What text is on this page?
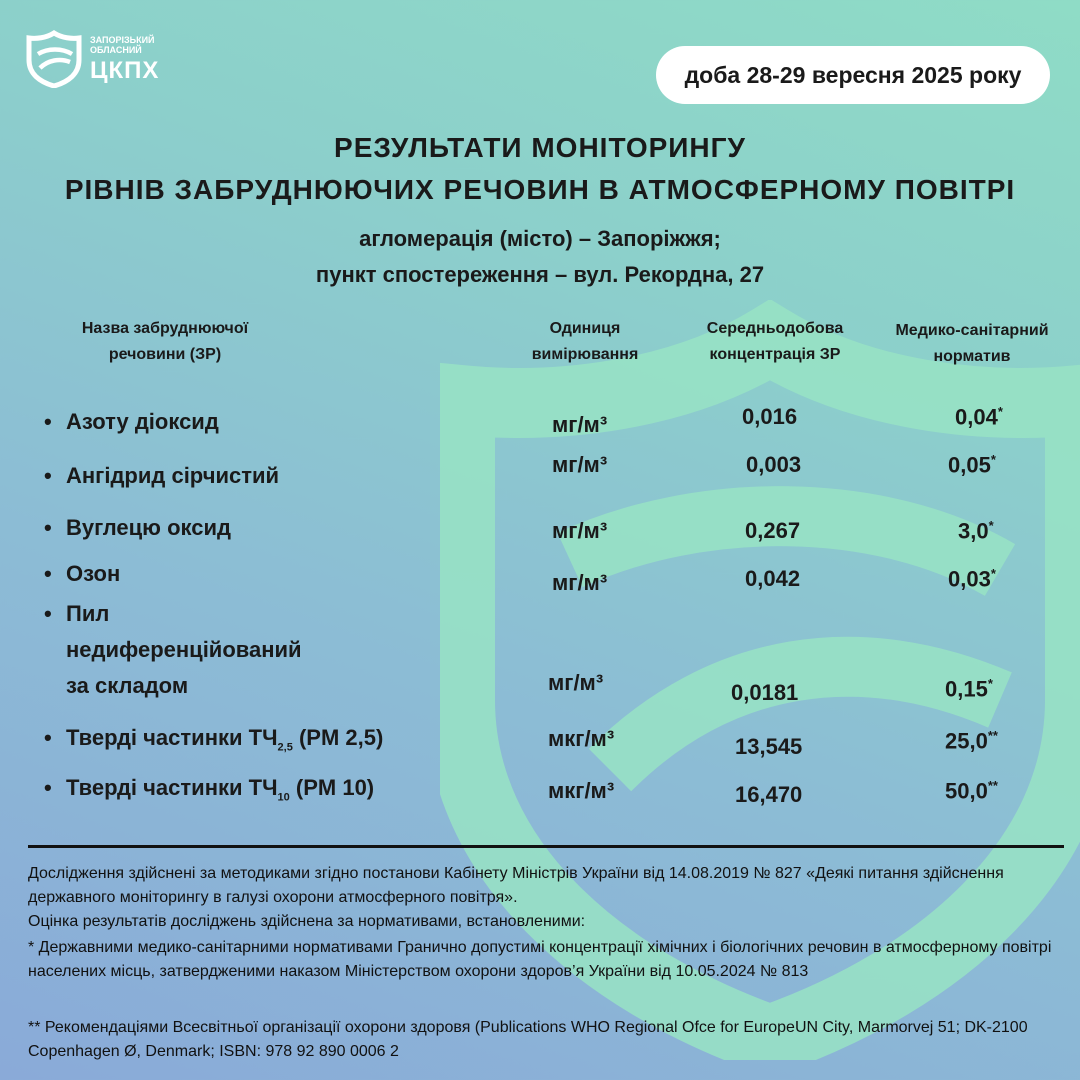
ЗАПОРІЗЬКИЙ
ОБЛАСНИЙ
ЦКПХ	доба 28-29 вересня 2025 року
РЕЗУЛЬТАТИ МОНІТОРИНГУ
РІВНІВ ЗАБРУДНЮЮЧИХ РЕЧОВИН В АТМОСФЕРНОМУ ПОВІТРІ
агломерація (місто) – Запоріжжя;
пункт спостереження – вул. Рекордна, 27
Назва забруднюючої
речовини (ЗР)
Одиниця
вимірювання
Середньодобова
концентрація ЗР
Медико-санітарний
норматив
• Азоту діоксид	мг/м³	0,016	0,04*
• Ангідрид сірчистий	мг/м³	0,003	0,05*
• Вуглецю оксид	мг/м³	0,267	3,0*
• Озон	мг/м³	0,042	0,03*
• Пил
недиференційований
за складом	мг/м³	0,0181	0,15*
• Тверді частинки $ТЧ_{2,5}$ (PM 2,5)	мкг/м³	13,545	25,0**
• Тверді частинки $ТЧ_{10}$ (PM 10)	мкг/м³	16,470	50,0**
Дослідження здійснені за методиками згідно постанови Кабінету Міністрів України від 14.08.2019 № 827 «Деякі питання здійснення державного моніторингу в галузі охорони атмосферного повітря».
Оцінка результатів досліджень здійснена за нормативами, встановленими:
* Державними медико-санітарними нормативами Гранично допустимі концентрації хімічних і біологічних речовин в атмосферному повітрі населених місць, затвердженими наказом Міністерством охорони здоров’я України від 10.05.2024 № 813
** Рекомендаціями Всесвітньої організації охорони здоровя (Publications WHO Regional Ofce for EuropeUN City, Marmorvej 51; DK-2100 Copenhagen Ø, Denmark; ISBN: 978 92 890 0006 2
